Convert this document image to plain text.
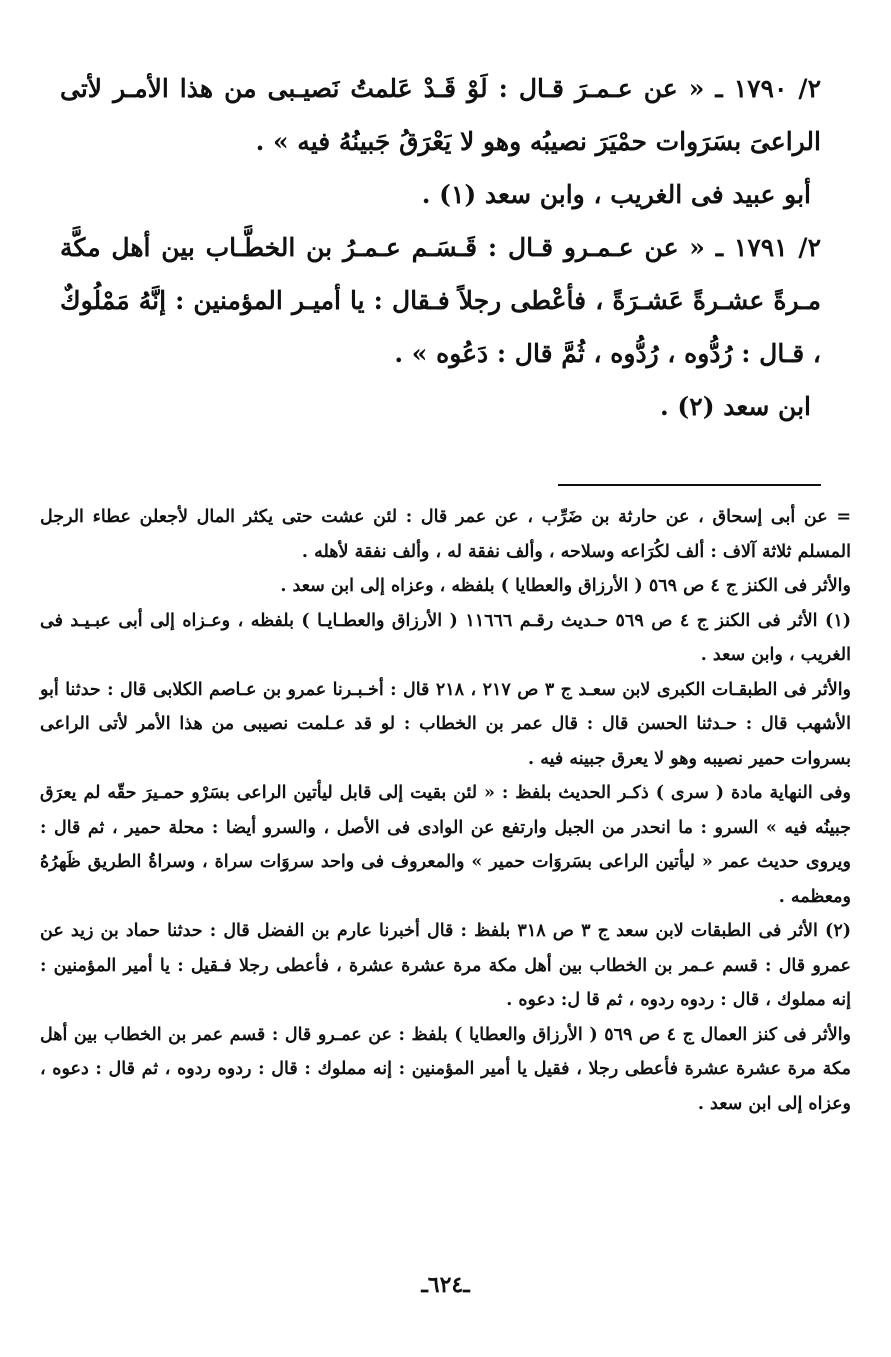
٢/ ١٧٩٠ ـ « عن عـمـرَ قـال : لَوْ قَـدْ عَلمتُ نَصيـبى من هذا الأمـر لأتى الراعىَ بسَرَوات حمْيَرَ نصيبُه وهو لا يَعْرَقُ جَبينُهُ فيه » .

أبو عبيد فى الغريب ، وابن سعد (١) .

٢/ ١٧٩١ ـ « عن عـمـرو قـال : قَـسَـم عـمـرُ بن الخطَّـاب بين أهل مكَّة مـرةً عشـرةً عَشـرَةً ، فأعْطى رجلاً فـقال : يا أميـر المؤمنين : إنَّهُ مَمْلُوكٌ ، قـال : رُدُّوه ، رُدُّوه ، ثُمَّ قال : دَعُوه » .

ابن سعد (٢) .

= عن أبى إسحاق ، عن حارثة بن ضَرِّب ، عن عمر قال : لئن عشت حتى يكثر المال لأجعلن عطاء الرجل المسلم ثلاثة آلاف : ألف لكُرَاعه وسلاحه ، وألف نفقة له ، وألف نفقة لأهله .

والأثر فى الكنز ج ٤ ص ٥٦٩ ( الأرزاق والعطايا ) بلفظه ، وعزاه إلى ابن سعد .

(١) الأثر فى الكنز ج ٤ ص ٥٦٩ حـديث رقـم ١١٦٦٦ ( الأرزاق والعطـايـا ) بلفظه ، وعـزاه إلى أبى عبـيـد فى الغريب ، وابن سعد .

والأثر فى الطبقـات الكبرى لابن سعـد ج ٣ ص ٢١٧ ، ٢١٨ قال : أخـبـرنا عمرو بن عـاصم الكلابى قال : حدثنا أبو الأشهب قال : حـدثنا الحسن قال : قال عمر بن الخطاب : لو قد عـلمت نصيبى من هذا الأمر لأتى الراعى بسروات حمير نصيبه وهو لا يعرق جبينه فيه .

وفى النهاية مادة ( سرى ) ذكـر الحديث بلفظ : « لئن بقيت إلى قابل ليأتين الراعى بسَرْو حمـيرَ حقّه لم يعرَق جبينُه فيه » السرو : ما انحدر من الجبل وارتفع عن الوادى فى الأصل ، والسرو أيضا : محلة حمير ، ثم قال : ويروى حديث عمر « ليأتين الراعى بسَروَات حمير » والمعروف فى واحد سروَات سراة ، وسراةُ الطريق ظَهرُهُ ومعظمه .

(٢) الأثر فى الطبقات لابن سعد ج ٣ ص ٣١٨ بلفظ : قال أخبرنا عارم بن الفضل قال : حدثنا حماد بن زيد عن عمرو قال : قسم عـمر بن الخطاب بين أهل مكة مرة عشرة عشرة ، فأعطى رجلا فـقيل : يا أمير المؤمنين : إنه مملوك ، قال : ردوه ردوه ، ثم قا ل: دعوه .

والأثر فى كنز العمال ج ٤ ص ٥٦٩ ( الأرزاق والعطايا ) بلفظ : عن عمـرو قال : قسم عمر بن الخطاب بين أهل مكة مرة عشرة عشرة فأعطى رجلا ، فقيل يا أمير المؤمنين : إنه مملوك : قال : ردوه ردوه ، ثم قال : دعوه ، وعزاه إلى ابن سعد .

ـ٦٢٤ـ
